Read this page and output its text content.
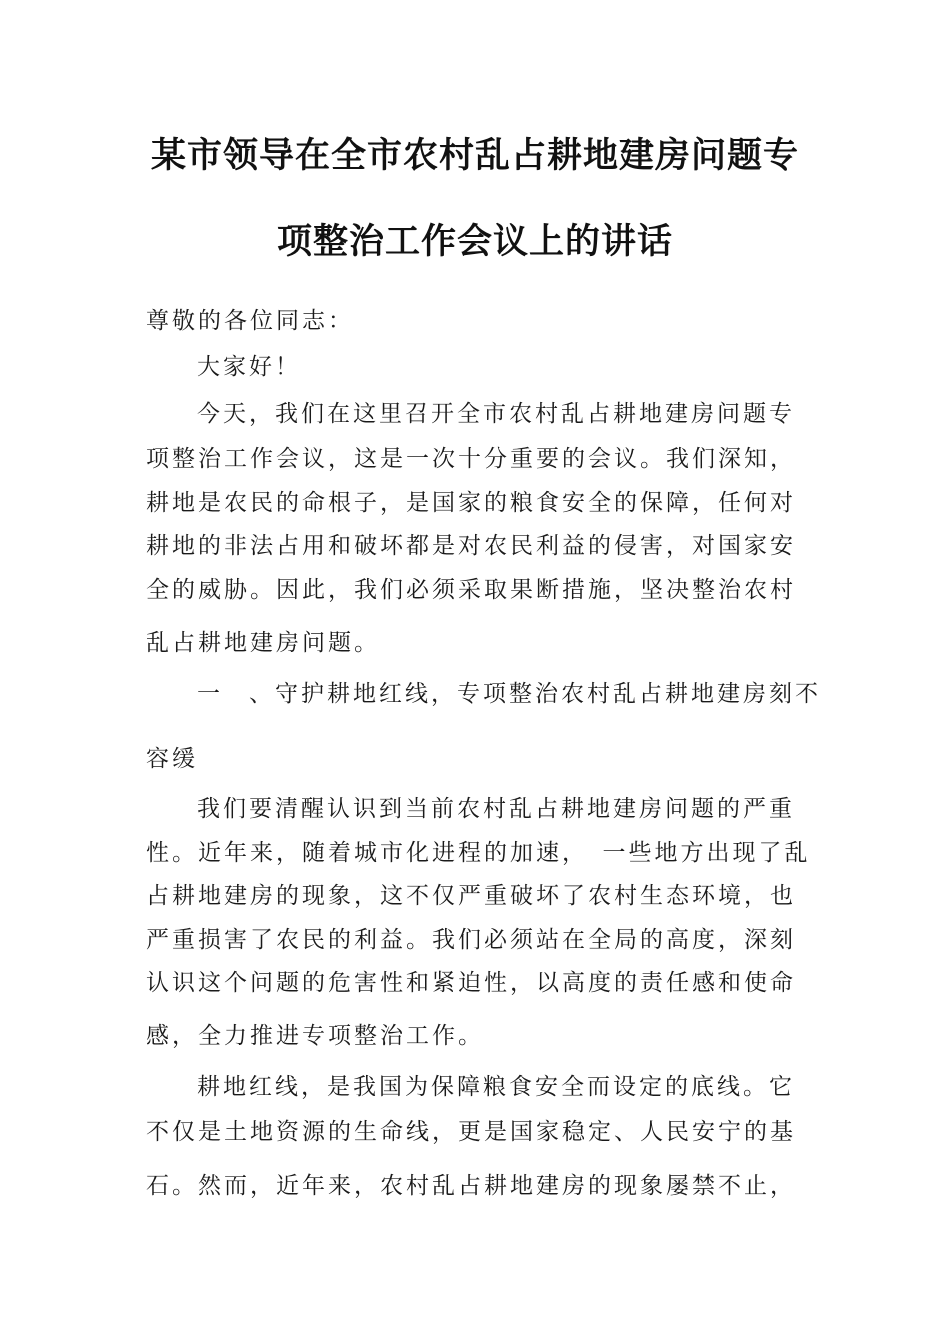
某市领导在全市农村乱占耕地建房问题专
项整治工作会议上的讲话
尊敬的各位同志：
大家好！
今天，我们在这里召开全市农村乱占耕地建房问题专
项整治工作会议，这是一次十分重要的会议。我们深知，
耕地是农民的命根子，是国家的粮食安全的保障，任何对
耕地的非法占用和破坏都是对农民利益的侵害，对国家安
全的威胁。因此，我们必须采取果断措施，坚决整治农村
乱占耕地建房问题。
一　、守护耕地红线，专项整治农村乱占耕地建房刻不
容缓
我们要清醒认识到当前农村乱占耕地建房问题的严重
性。近年来，随着城市化进程的加速，　一些地方出现了乱
占耕地建房的现象，这不仅严重破坏了农村生态环境，也
严重损害了农民的利益。我们必须站在全局的高度，深刻
认识这个问题的危害性和紧迫性，以高度的责任感和使命
感，全力推进专项整治工作。
耕地红线，是我国为保障粮食安全而设定的底线。它
不仅是土地资源的生命线，更是国家稳定、人民安宁的基
石。然而，近年来，农村乱占耕地建房的现象屡禁不止，
